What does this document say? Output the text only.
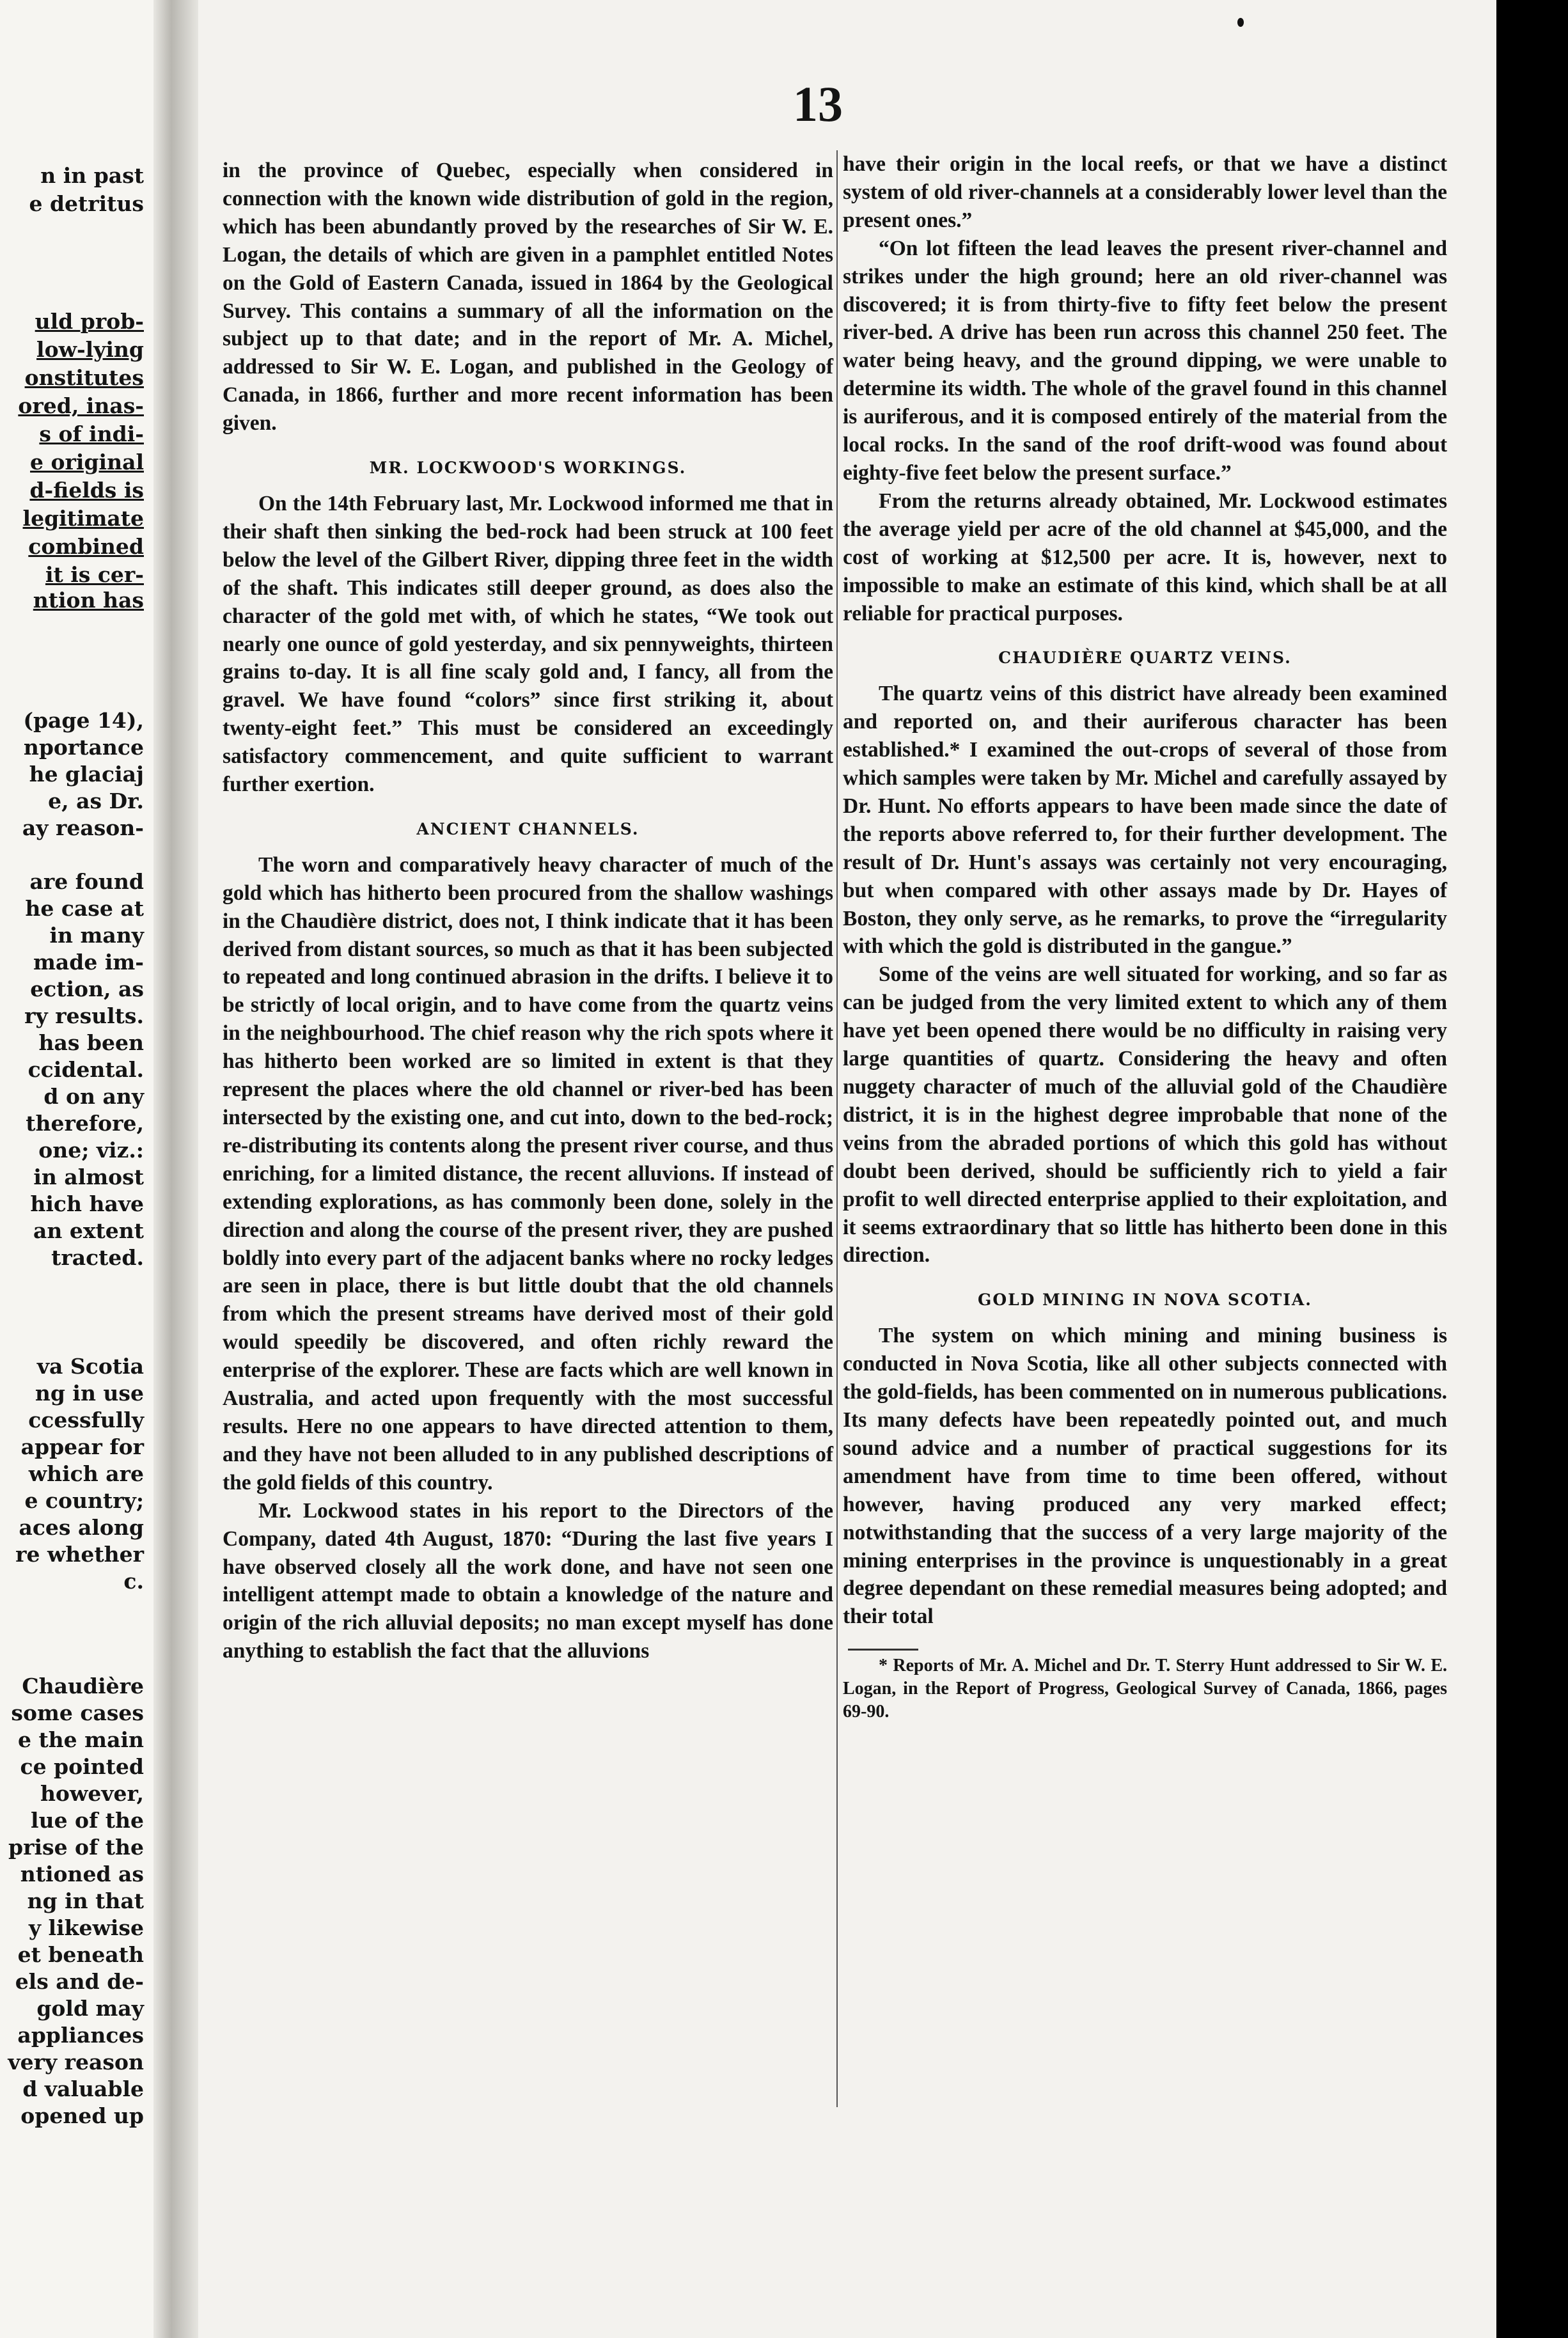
n in past
e detritus
uld prob-
low-lying
onstitutes
ored, inas-
s of indi-
e original
d-fields is
legitimate
combined
it is cer-
ntion has
(page 14),
nportance
he glaciaj
e, as Dr.
ay reason-
are found
he case at
in many
made im-
ection, as
ry results.
has been
ccidental.
d on any
therefore,
one; viz.:
in almost
hich have
an extent
tracted.
va Scotia
ng in use
ccessfully
appear for
which are
e country;
aces along
re whether
c.
Chaudière
some cases
e the main
ce pointed
however,
lue of the
prise of the
ntioned as
ng in that
y likewise
et beneath
els and de-
gold may
appliances
very reason
d valuable
opened up
13

in the province of Quebec, especially when considered in connection with the known wide distribution of gold in the region, which has been abundantly proved by the researches of Sir W. E. Logan, the details of which are given in a pamphlet entitled Notes on the Gold of Eastern Canada, issued in 1864 by the Geological Survey. This contains a summary of all the information on the subject up to that date; and in the report of Mr. A. Michel, addressed to Sir W. E. Logan, and published in the Geology of Canada, in 1866, further and more recent information has been given.

MR. LOCKWOOD'S WORKINGS.

On the 14th February last, Mr. Lockwood informed me that in their shaft then sinking the bed-rock had been struck at 100 feet below the level of the Gilbert River, dipping three feet in the width of the shaft. This indicates still deeper ground, as does also the character of the gold met with, of which he states, “We took out nearly one ounce of gold yesterday, and six pennyweights, thirteen grains to-day. It is all fine scaly gold and, I fancy, all from the gravel. We have found “colors” since first striking it, about twenty-eight feet.” This must be considered an exceedingly satisfactory commencement, and quite sufficient to warrant further exertion.

ANCIENT CHANNELS.

The worn and comparatively heavy character of much of the gold which has hitherto been procured from the shallow washings in the Chaudière district, does not, I think indicate that it has been derived from distant sources, so much as that it has been subjected to repeated and long continued abrasion in the drifts. I believe it to be strictly of local origin, and to have come from the quartz veins in the neighbourhood. The chief reason why the rich spots where it has hitherto been worked are so limited in extent is that they represent the places where the old channel or river-bed has been intersected by the existing one, and cut into, down to the bed-rock; re-distributing its contents along the present river course, and thus enriching, for a limited distance, the recent alluvions. If instead of extending explorations, as has commonly been done, solely in the direction and along the course of the present river, they are pushed boldly into every part of the adjacent banks where no rocky ledges are seen in place, there is but little doubt that the old channels from which the present streams have derived most of their gold would speedily be discovered, and often richly reward the enterprise of the explorer. These are facts which are well known in Australia, and acted upon frequently with the most successful results. Here no one appears to have directed attention to them, and they have not been alluded to in any published descriptions of the gold fields of this country.

Mr. Lockwood states in his report to the Directors of the Company, dated 4th August, 1870: “During the last five years I have observed closely all the work done, and have not seen one intelligent attempt made to obtain a knowledge of the nature and origin of the rich alluvial deposits; no man except myself has done anything to establish the fact that the alluvions

have their origin in the local reefs, or that we have a distinct system of old river-channels at a considerably lower level than the present ones.”

“On lot fifteen the lead leaves the present river-channel and strikes under the high ground; here an old river-channel was discovered; it is from thirty-five to fifty feet below the present river-bed. A drive has been run across this channel 250 feet. The water being heavy, and the ground dipping, we were unable to determine its width. The whole of the gravel found in this channel is auriferous, and it is composed entirely of the material from the local rocks. In the sand of the roof drift-wood was found about eighty-five feet below the present surface.”

From the returns already obtained, Mr. Lockwood estimates the average yield per acre of the old channel at $45,000, and the cost of working at $12,500 per acre. It is, however, next to impossible to make an estimate of this kind, which shall be at all reliable for practical purposes.

CHAUDIÈRE QUARTZ VEINS.

The quartz veins of this district have already been examined and reported on, and their auriferous character has been established.* I examined the out-crops of several of those from which samples were taken by Mr. Michel and carefully assayed by Dr. Hunt. No efforts appears to have been made since the date of the reports above referred to, for their further development. The result of Dr. Hunt's assays was certainly not very encouraging, but when compared with other assays made by Dr. Hayes of Boston, they only serve, as he remarks, to prove the “irregularity with which the gold is distributed in the gangue.”

Some of the veins are well situated for working, and so far as can be judged from the very limited extent to which any of them have yet been opened there would be no difficulty in raising very large quantities of quartz. Considering the heavy and often nuggety character of much of the alluvial gold of the Chaudière district, it is in the highest degree improbable that none of the veins from the abraded portions of which this gold has without doubt been derived, should be sufficiently rich to yield a fair profit to well directed enterprise applied to their exploitation, and it seems extraordinary that so little has hitherto been done in this direction.

GOLD MINING IN NOVA SCOTIA.

The system on which mining and mining business is conducted in Nova Scotia, like all other subjects connected with the gold-fields, has been commented on in numerous publications. Its many defects have been repeatedly pointed out, and much sound advice and a number of practical suggestions for its amendment have from time to time been offered, without however, having produced any very marked effect; notwithstanding that the success of a very large majority of the mining enterprises in the province is unquestionably in a great degree dependant on these remedial measures being adopted; and their total

* Reports of Mr. A. Michel and Dr. T. Sterry Hunt addressed to Sir W. E. Logan, in the Report of Progress, Geological Survey of Canada, 1866, pages 69-90.
